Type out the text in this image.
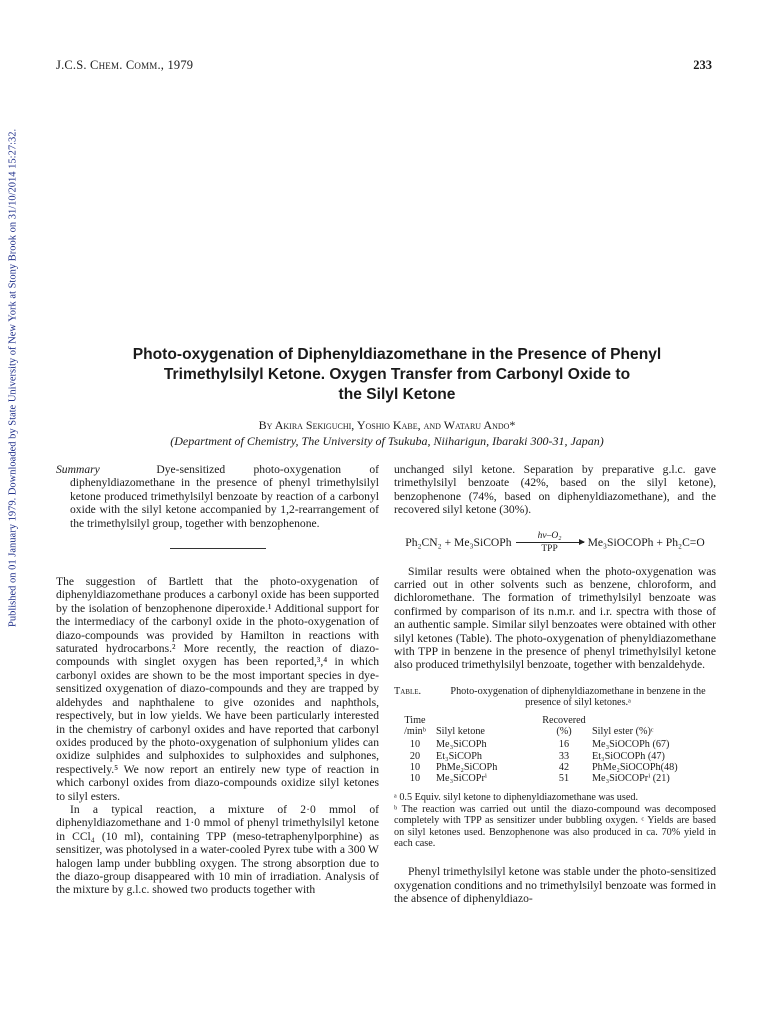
J.C.S. Chem. Comm., 1979	233
Published on 01 January 1979. Downloaded by State University of New York at Stony Brook on 31/10/2014 15:27:32.	Photo-oxygenation of Diphenyldiazomethane in the Presence of Phenyl
Trimethylsilyl Ketone. Oxygen Transfer from Carbonyl Oxide to
the Silyl Ketone
By Akira Sekiguchi, Yoshio Kabe, and Wataru Ando*
(Department of Chemistry, The University of Tsukuba, Niiharigun, Ibaraki 300-31, Japan)

Summary	Dye-sensitized photo-oxygenation of diphenyldiazomethane in the presence of phenyl trimethylsilyl ketone produced trimethylsilyl benzoate by reaction of a carbonyl oxide with the silyl ketone accompanied by 1,2-rearrangement of the trimethylsilyl group, together with benzophenone.

The suggestion of Bartlett that the photo-oxygenation of diphenyldiazomethane produces a carbonyl oxide has been supported by the isolation of benzophenone diperoxide.¹ Additional support for the intermediacy of the carbonyl oxide in the photo-oxygenation of diazo-compounds was provided by Hamilton in reactions with saturated hydrocarbons.² More recently, the reaction of diazo-compounds with singlet oxygen has been reported,³,⁴ in which carbonyl oxides are shown to be the most important species in dye-sensitized oxygenation of diazo-compounds and they are trapped by aldehydes and naphthalene to give ozonides and naphthols, respectively, but in low yields. We have been particularly interested in the chemistry of carbonyl oxides and have reported that carbonyl oxides produced by the photo-oxygenation of sulphonium ylides can oxidize sulphides and sulphoxides to sulphoxides and sulphones, respectively.⁵ We now report an entirely new type of reaction in which carbonyl oxides from diazo-compounds oxidize silyl ketones to silyl esters.

In a typical reaction, a mixture of 2·0 mmol of diphenyldiazomethane and 1·0 mmol of phenyl trimethylsilyl ketone in CCl₄ (10 ml), containing TPP (meso-tetraphenylporphine) as sensitizer, was photolysed in a water-cooled Pyrex tube with a 300 W halogen lamp under bubbling oxygen. The strong absorption due to the diazo-group disappeared with 10 min of irradiation. Analysis of the mixture by g.l.c. showed two products together with

unchanged silyl ketone. Separation by preparative g.l.c. gave trimethylsilyl benzoate (42%, based on the silyl ketone), benzophenone (74%, based on diphenyldiazomethane), and the recovered silyl ketone (30%).

Ph₂CN₂ + Me₃SiCOPh
hν–O₂
TPP	Me₃SiOCOPh + Ph₂C=O

Similar results were obtained when the photo-oxygenation was carried out in other solvents such as benzene, chloroform, and dichloromethane. The formation of trimethylsilyl benzoate was confirmed by comparison of its n.m.r. and i.r. spectra with those of an authentic sample. Similar silyl benzoates were obtained with other silyl ketones (Table). The photo-oxygenation of phenyldiazomethane with TPP in benzene in the presence of phenyl trimethylsilyl ketone also produced trimethylsilyl benzoate, together with benzaldehyde.

Table.	Photo-oxygenation of diphenyldiazomethane in benzene in the presence of silyl ketones.ᵃ
Time		Recovered	
/minᵇ	Silyl ketone	(%)	Silyl ester (%)ᶜ
10	Me₃SiCOPh	16	Me₃SiOCOPh (67)
20	Et₃SiCOPh	33	Et₃SiOCOPh (47)
10	PhMe₂SiCOPh	42	PhMe₂SiOCOPh(48)
10	Me₃SiCOPrⁱ	51	Me₃SiOCOPrⁱ (21)

ᵃ 0.5 Equiv. silyl ketone to diphenyldiazomethane was used.

ᵇ The reaction was carried out until the diazo-compound was decomposed completely with TPP as sensitizer under bubbling oxygen. ᶜ Yields are based on silyl ketones used. Benzophenone was also produced in ca. 70% yield in each case.

Phenyl trimethylsilyl ketone was stable under the photo-sensitized oxygenation conditions and no trimethylsilyl benzoate was formed in the absence of diphenyldiazo-
